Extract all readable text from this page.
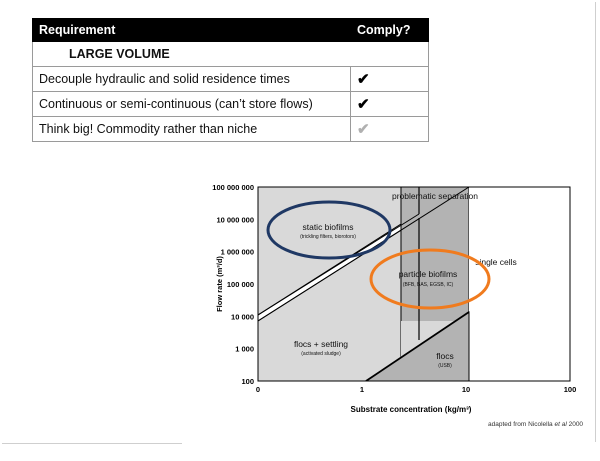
Requirement	Comply?
LARGE VOLUME	
Decouple hydraulic and solid residence times	✔
Continuous or semi-continuous (can’t store flows)	✔
Think big! Commodity rather than niche	✔
100
1 000
10 000
100 000
1 000 000
10 000 000
100 000 000
0	1	10	100
Flow rate (m³/d)
Substrate concentration (kg/m³)
problematic separation
single cells
static biofilms
(trickling filters, biorotors)
particle biofilms
(BFB, BAS, EGSB, IC)
flocs + settling
(activated sludge)	flocs
(USB)
adapted from Nicolella et al 2000
